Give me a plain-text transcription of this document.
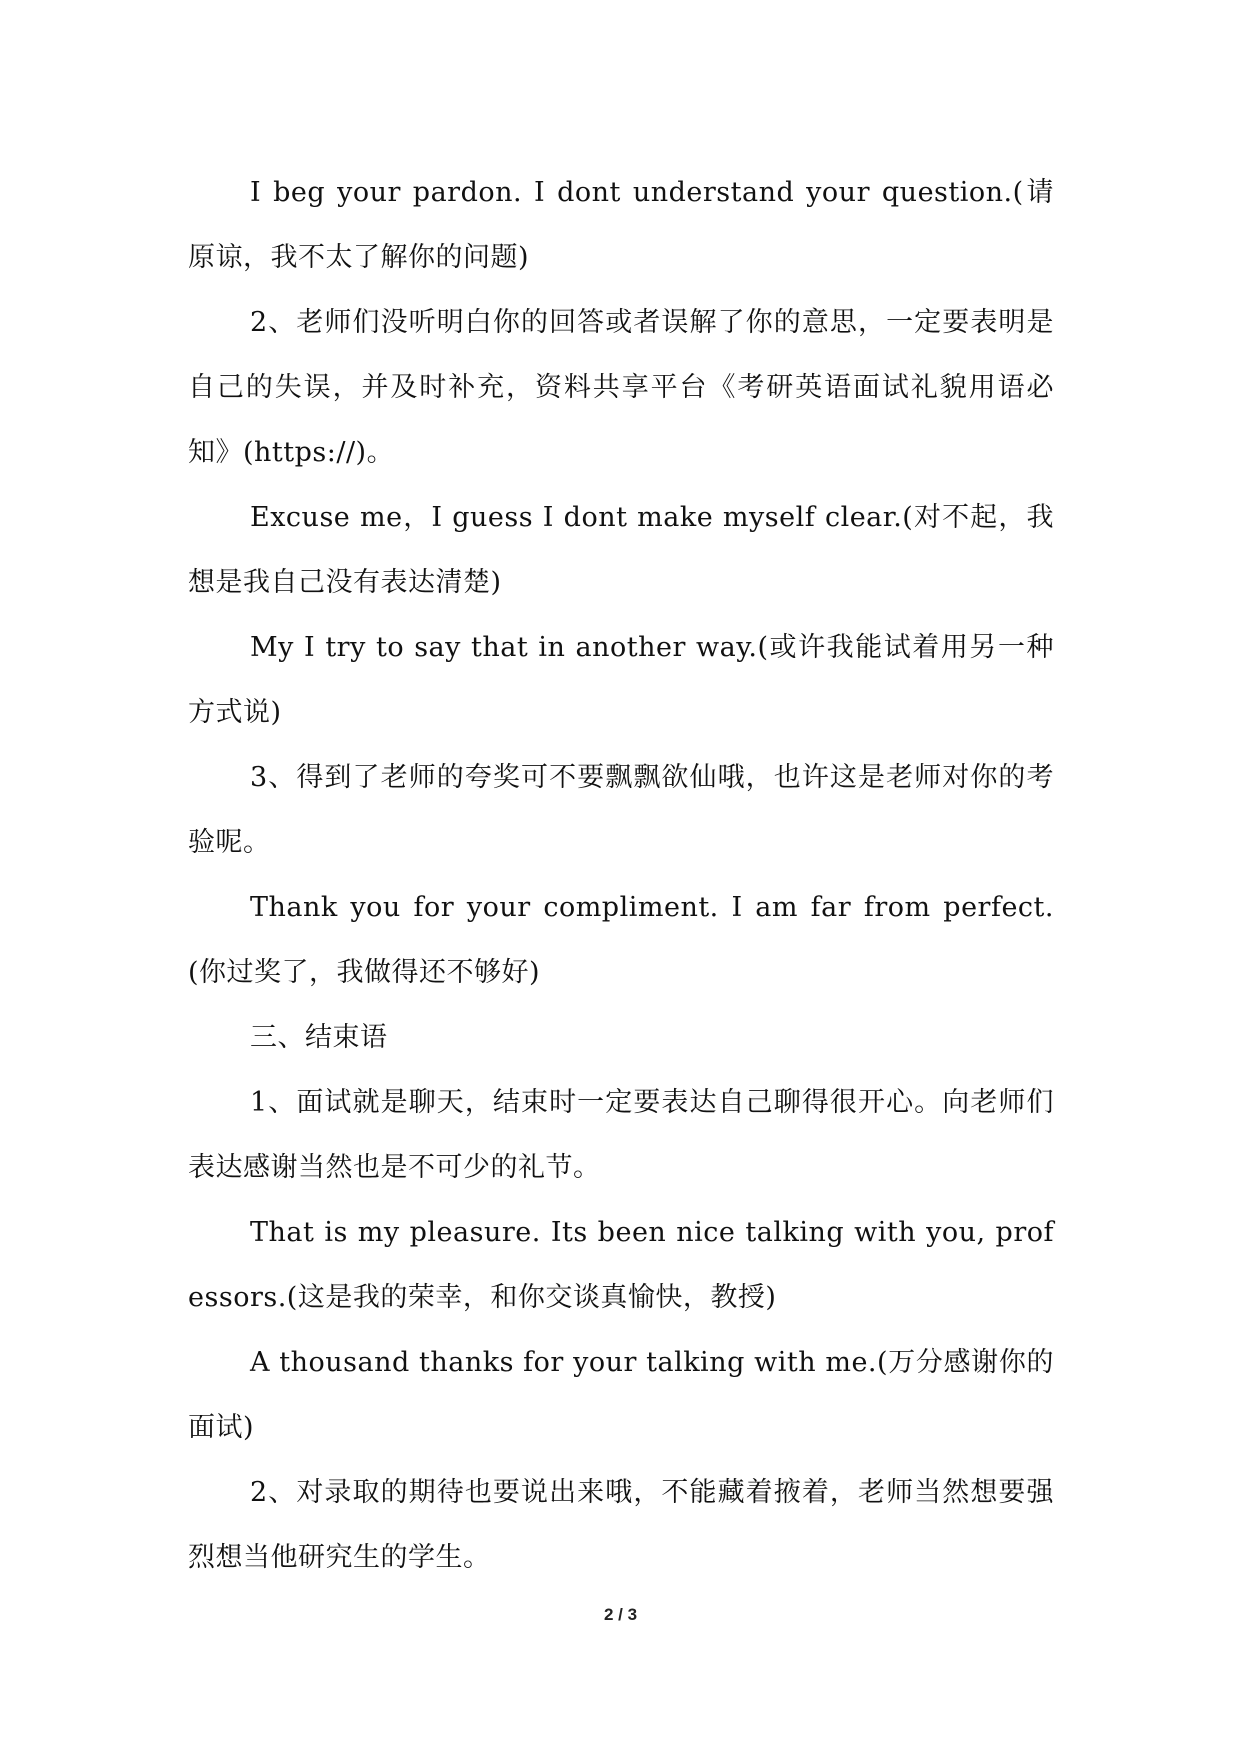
I beg your pardon. I dont understand your question.(请原谅，我不太了解你的问题)

2、老师们没听明白你的回答或者误解了你的意思，一定要表明是自己的失误，并及时补充，资料共享平台《考研英语面试礼貌用语必知》(https://)。

Excuse me，I guess I dont make myself clear.(对不起，我想是我自己没有表达清楚)

My I try to say that in another way.(或许我能试着用另一种方式说)

3、得到了老师的夸奖可不要飘飘欲仙哦，也许这是老师对你的考验呢。

Thank you for your compliment. I am far from perfect.(你过奖了，我做得还不够好)

三、结束语

1、面试就是聊天，结束时一定要表达自己聊得很开心。向老师们表达感谢当然也是不可少的礼节。

That is my pleasure. Its been nice talking with you, professors.(这是我的荣幸，和你交谈真愉快，教授)

A thousand thanks for your talking with me.(万分感谢你的面试)

2、对录取的期待也要说出来哦，不能藏着掖着，老师当然想要强烈想当他研究生的学生。

2 / 3
